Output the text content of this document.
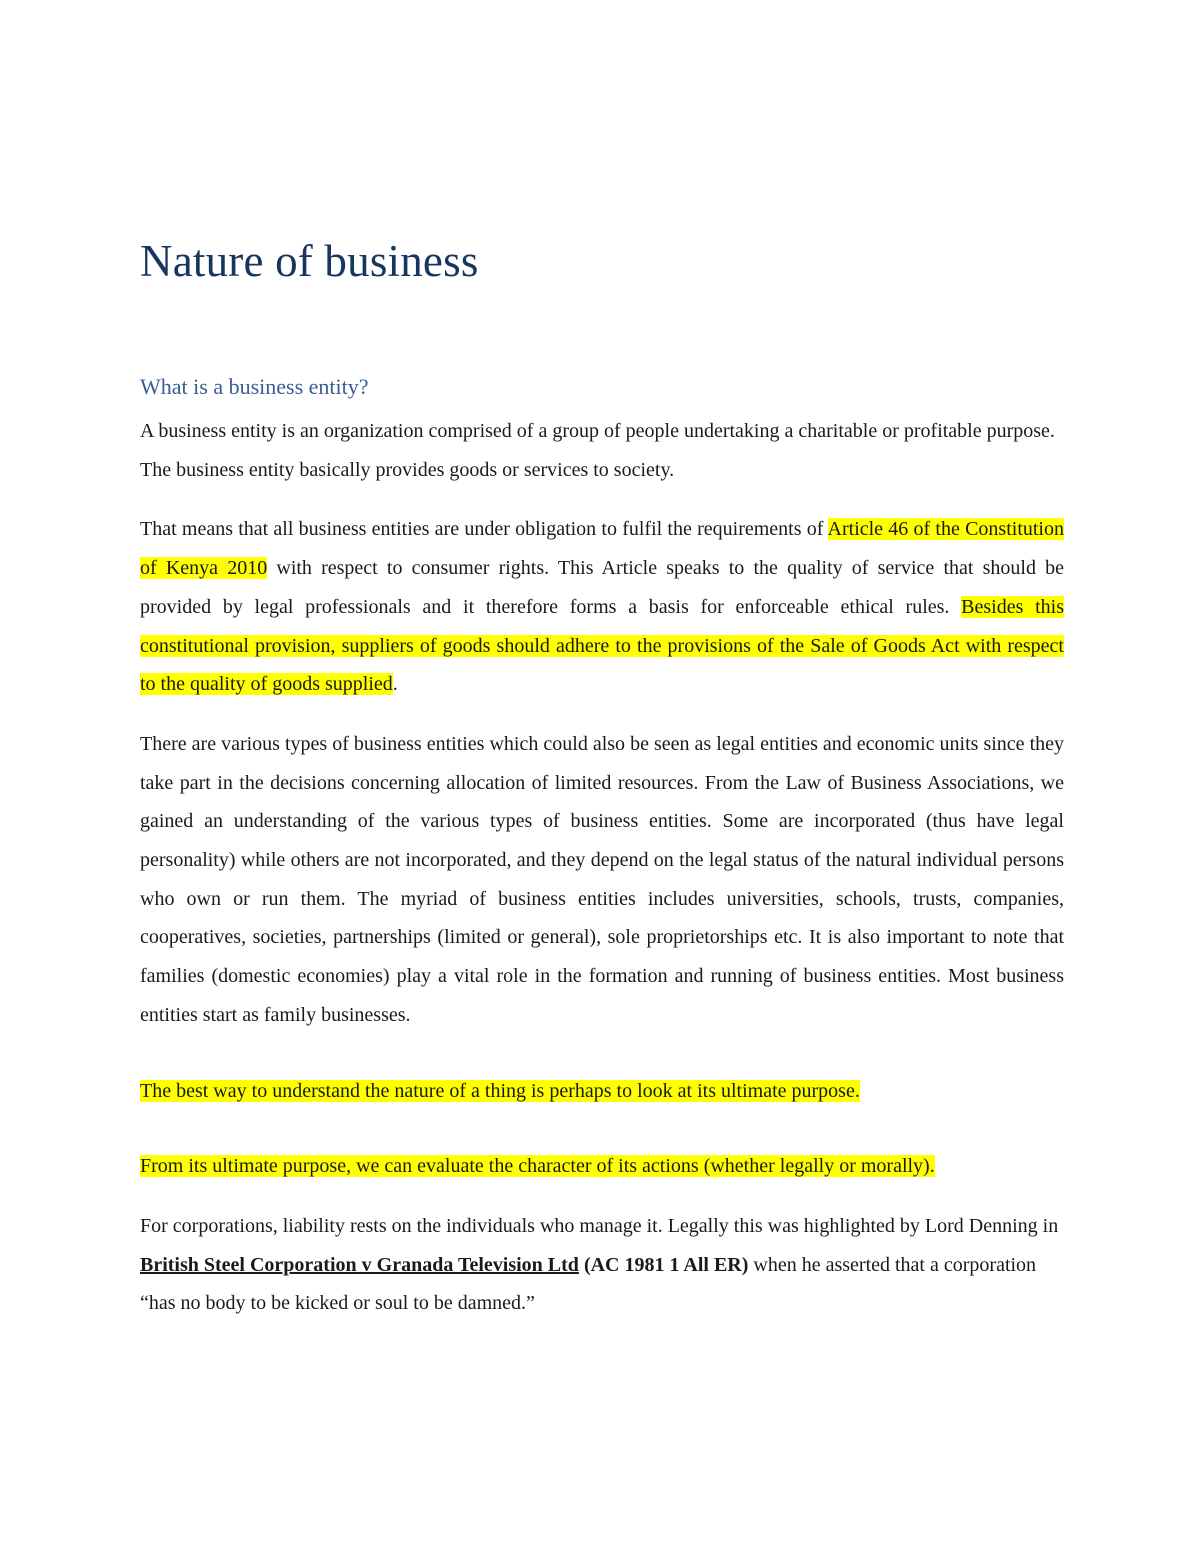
Nature of business
What is a business entity?

A business entity is an organization comprised of a group of people undertaking a charitable or profitable purpose. The business entity basically provides goods or services to society.

That means that all business entities are under obligation to fulfil the requirements of Article 46 of the Constitution of Kenya 2010 with respect to consumer rights. This Article speaks to the quality of service that should be provided by legal professionals and it therefore forms a basis for enforceable ethical rules. Besides this constitutional provision, suppliers of goods should adhere to the provisions of the Sale of Goods Act with respect to the quality of goods supplied.

There are various types of business entities which could also be seen as legal entities and economic units since they take part in the decisions concerning allocation of limited resources. From the Law of Business Associations, we gained an understanding of the various types of business entities. Some are incorporated (thus have legal personality) while others are not incorporated, and they depend on the legal status of the natural individual persons who own or run them. The myriad of business entities includes universities, schools, trusts, companies, cooperatives, societies, partnerships (limited or general), sole proprietorships etc. It is also important to note that families (domestic economies) play a vital role in the formation and running of business entities. Most business entities start as family businesses.

The best way to understand the nature of a thing is perhaps to look at its ultimate purpose.

From its ultimate purpose, we can evaluate the character of its actions (whether legally or morally).

For corporations, liability rests on the individuals who manage it. Legally this was highlighted by Lord Denning in British Steel Corporation v Granada Television Ltd (AC 1981 1 All ER) when he asserted that a corporation “has no body to be kicked or soul to be damned.”
